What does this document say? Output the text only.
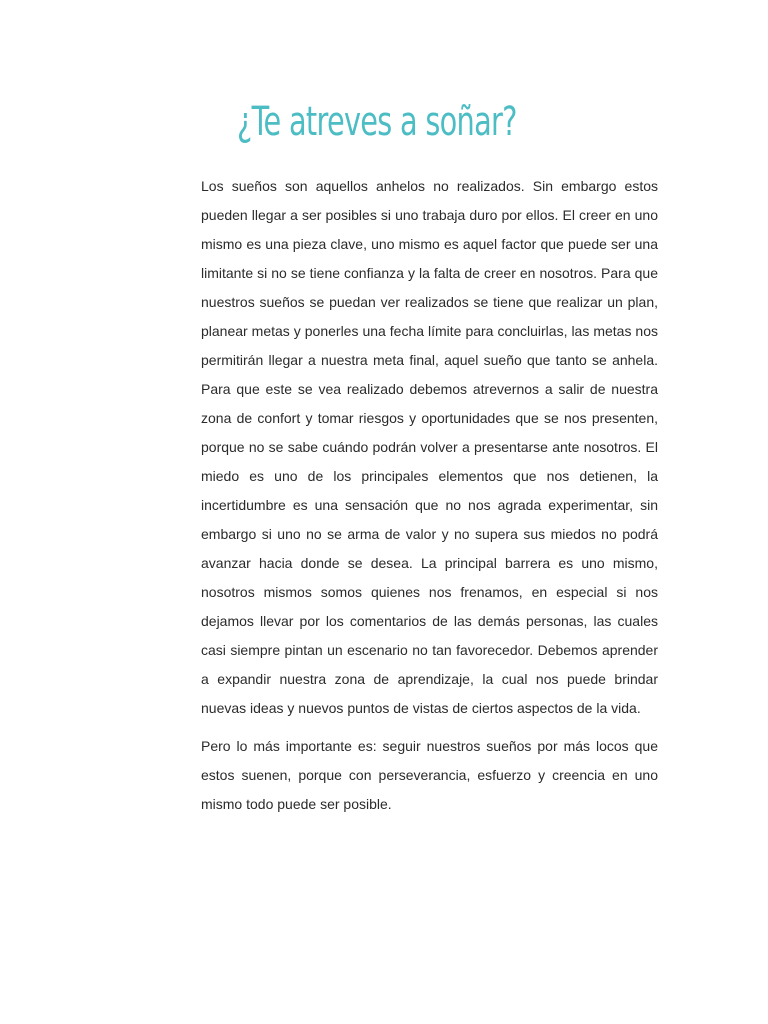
¿Te atreves a soñar?

Los sueños son aquellos anhelos no realizados. Sin embargo estos pueden llegar a ser posibles si uno trabaja duro por ellos. El creer en uno mismo es una pieza clave, uno mismo es aquel factor que puede ser una limitante si no se tiene confianza y la falta de creer en nosotros. Para que nuestros sueños se puedan ver realizados se tiene que realizar un plan, planear metas y ponerles una fecha límite para concluirlas, las metas nos permitirán llegar a nuestra meta final, aquel sueño que tanto se anhela. Para que este se vea realizado debemos atrevernos a salir de nuestra zona de confort y tomar riesgos y oportunidades que se nos presenten, porque no se sabe cuándo podrán volver a presentarse ante nosotros. El miedo es uno de los principales elementos que nos detienen, la incertidumbre es una sensación que no nos agrada experimentar, sin embargo si uno no se arma de valor y no supera sus miedos no podrá avanzar hacia donde se desea. La principal barrera es uno mismo, nosotros mismos somos quienes nos frenamos, en especial si nos dejamos llevar por los comentarios de las demás personas, las cuales casi siempre pintan un escenario no tan favorecedor. Debemos aprender a expandir nuestra zona de aprendizaje, la cual nos puede brindar nuevas ideas y nuevos puntos de vistas de ciertos aspectos de la vida.

Pero lo más importante es: seguir nuestros sueños por más locos que estos suenen, porque con perseverancia, esfuerzo y creencia en uno mismo todo puede ser posible.
